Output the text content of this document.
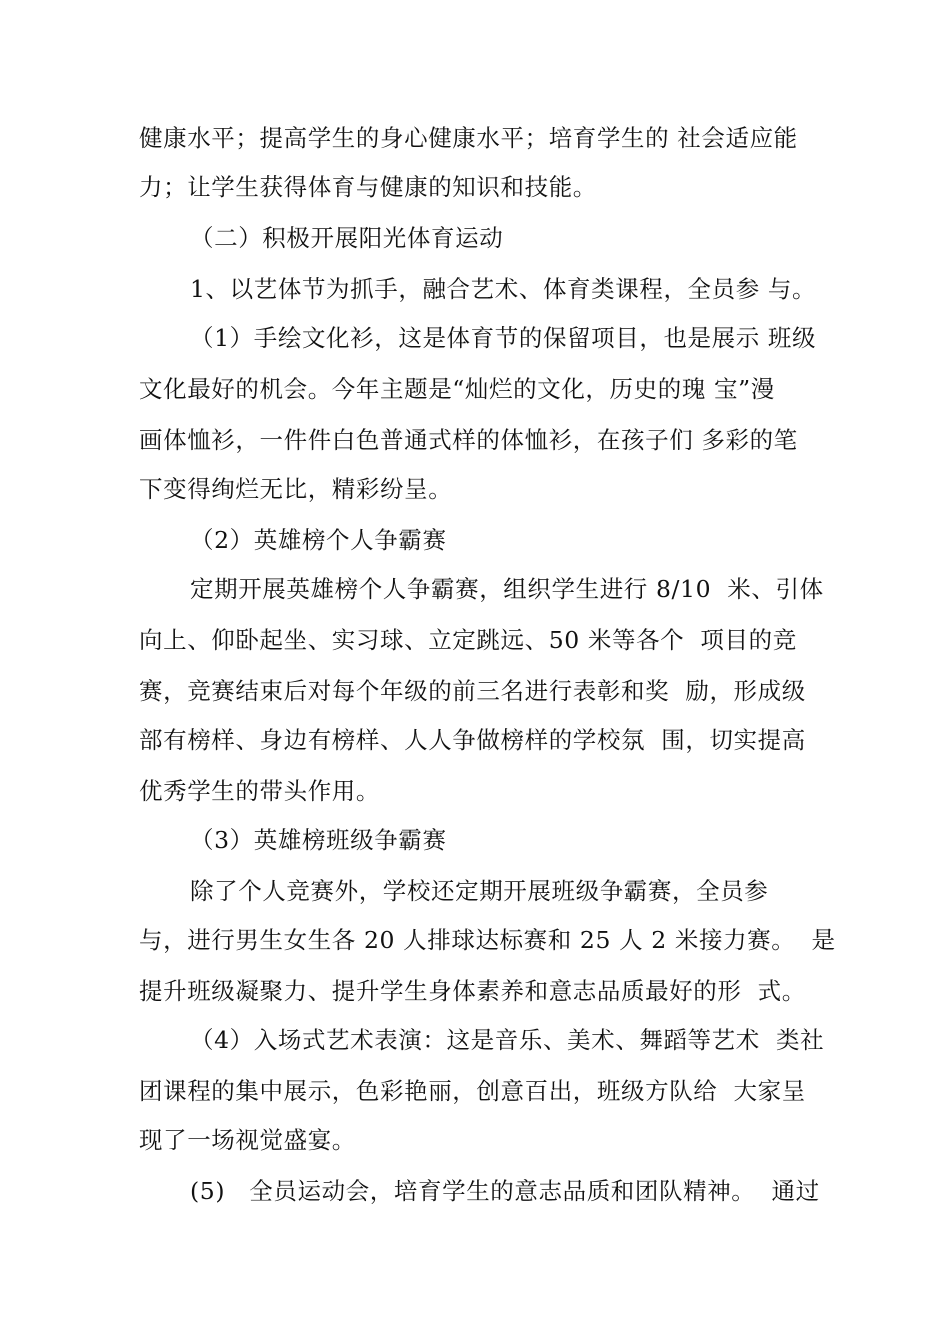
健康水平；提高学生的身心健康水平；培育学生的 社会适应能
力；让学生获得体育与健康的知识和技能。
（二）积极开展阳光体育运动
1、以艺体节为抓手，融合艺术、体育类课程，全员参 与。
（1）手绘文化衫，这是体育节的保留项目，也是展示 班级
文化最好的机会。今年主题是“灿烂的文化，历史的瑰 宝”漫
画体恤衫，一件件白色普通式样的体恤衫，在孩子们 多彩的笔
下变得绚烂无比，精彩纷呈。
（2）英雄榜个人争霸赛
定期开展英雄榜个人争霸赛，组织学生进行 8/10  米、引体
向上、仰卧起坐、实习球、立定跳远、50 米等各个  项目的竞
赛，竞赛结束后对每个年级的前三名进行表彰和奖  励，形成级
部有榜样、身边有榜样、人人争做榜样的学校氛  围，切实提高
优秀学生的带头作用。
（3）英雄榜班级争霸赛
除了个人竞赛外，学校还定期开展班级争霸赛，全员参
与，进行男生女生各 20 人排球达标赛和 25 人 2 米接力赛。  是
提升班级凝聚力、提升学生身体素养和意志品质最好的形  式。
（4）入场式艺术表演：这是音乐、美术、舞蹈等艺术  类社
团课程的集中展示，色彩艳丽，创意百出，班级方队给  大家呈
现了一场视觉盛宴。
(5)   全员运动会，培育学生的意志品质和团队精神。  通过
